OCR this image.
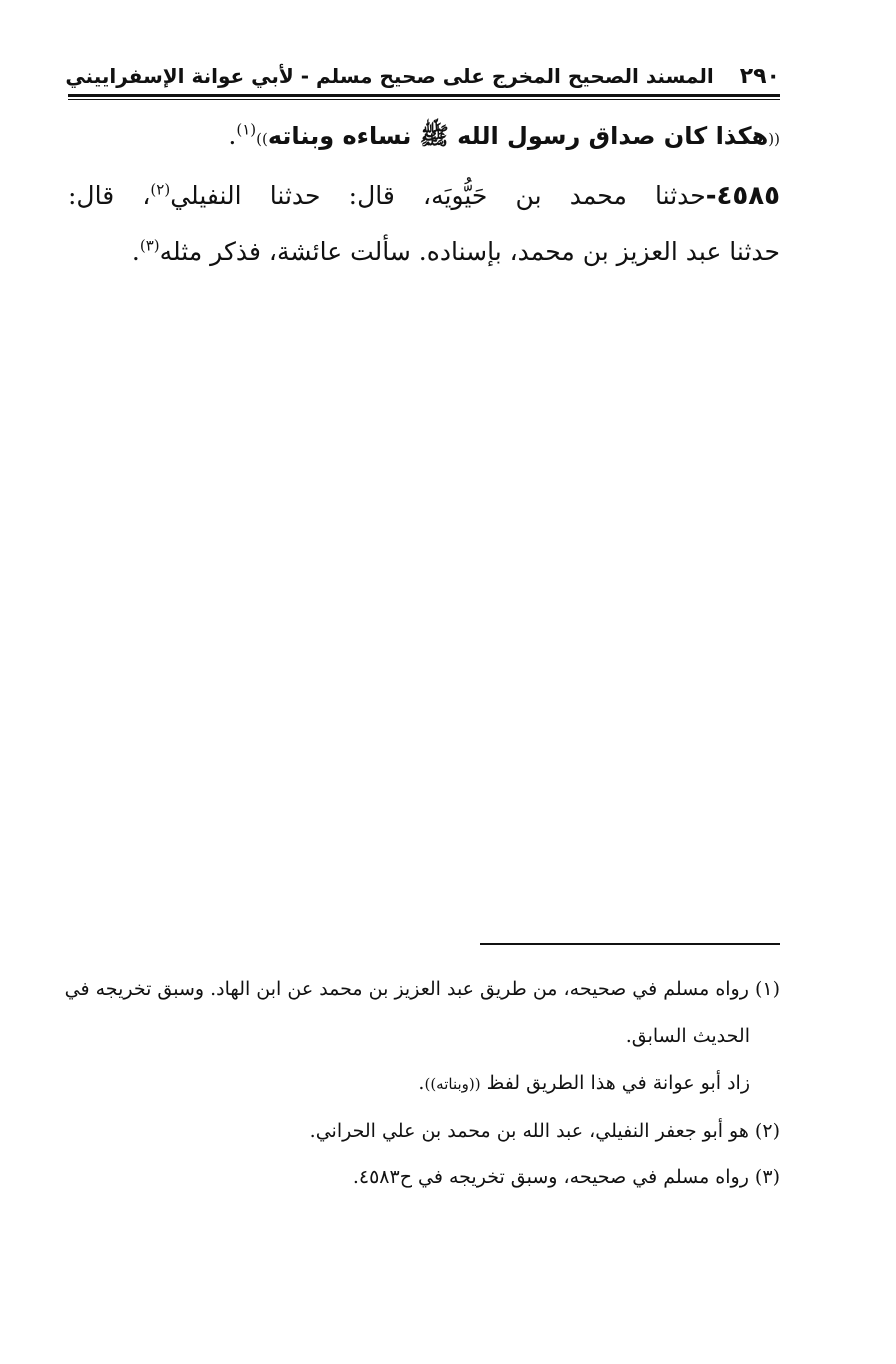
٢٩٠
المسند الصحيح المخرج على صحيح مسلم - لأبي عوانة الإسفراييني
((هكذا كان صداق رسول الله ﷺ نساءه وبناته))$^{(١)}$.
٤٥٨٥-حدثنا محمد بن حَيُّويَه، قال: حدثنا النفيلي$^{(٢)}$، قال:
حدثنا عبد العزيز بن محمد، بإسناده. سألت عائشة، فذكر مثله$^{(٣)}$.
(١) رواه مسلم في صحيحه، من طريق عبد العزيز بن محمد عن ابن الهاد. وسبق تخريجه في
الحديث السابق.
زاد أبو عوانة في هذا الطريق لفظ ((وبناته)).
(٢) هو أبو جعفر النفيلي، عبد الله بن محمد بن علي الحراني.
(٣) رواه مسلم في صحيحه، وسبق تخريجه في ح٤٥٨٣.
